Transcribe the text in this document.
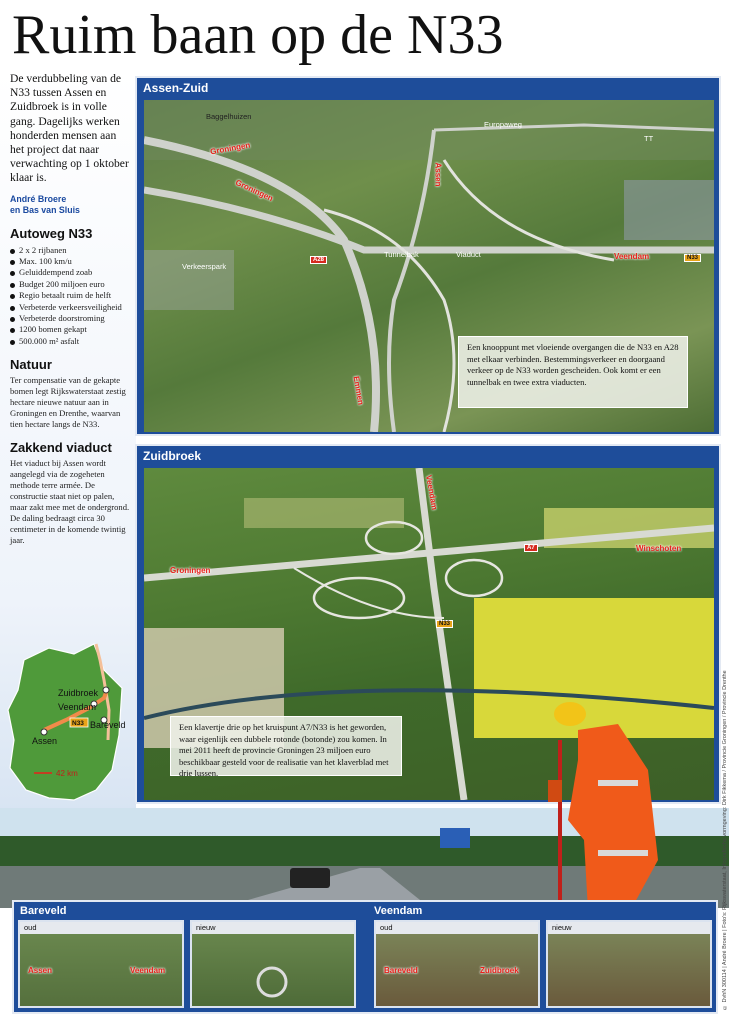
Ruim baan op de N33

De verdubbeling van de N33 tussen Assen en Zuidbroek is in volle gang. Dagelijks werken honderden mensen aan het project dat naar verwachting op 1 oktober klaar is.

André Broere
en Bas van Sluis

Autoweg N33
2 x 2 rijbanen
Max. 100 km/u
Geluiddempend zoab
Budget 200 miljoen euro
Regio betaalt ruim de helft
Verbeterde verkeersveiligheid
Verbeterde doorstroming
1200 bomen gekapt
500.000 m² asfalt
Natuur

Ter compensatie van de gekapte bomen legt Rijkswaterstaat zestig hectare nieuwe natuur aan in Groningen en Drenthe, waarvan tien hectare langs de N33.

Zakkend viaduct

Het viaduct bij Assen wordt aangelegd via de zogeheten methode terre armée. De constructie staat niet op palen, maar zakt mee met de ondergrond. De daling bedraagt circa 30 centimeter in de komende twintig jaar.

Zuidbroek
Veendam
Bareveld
Assen
N33
42 km
Assen-Zuid
Baggelhuizen
Europaweg
TT
Groningen
Groningen
Assen
Verkeerspark
Tunnelbak	Viaduct	Veendam
Emmen
A28	N33
Een knooppunt met vloeiende overgangen die de N33 en A28 met elkaar verbinden. Bestemmingsverkeer en doorgaand verkeer op de N33 worden gescheiden. Ook komt er een tunnelbak en twee extra viaducten.
Zuidbroek
Veendam
Groningen
Winschoten
A7
N33
Een klavertje drie op het kruispunt A7/N33 is het geworden, waar eigenlijk een dubbele rotonde (botonde) zou komen. In mei 2011 heeft de provincie Groningen 23 miljoen euro beschikbaar gesteld voor de realisatie van het klaverblad met drie lussen.
Bareveld	Veendam
oud
Assen	Veendam
nieuw	oud
Bareveld	Zuidbroek
nieuw	© DvhN 300114 | André Broere | Foto's: Rijkswaterstaat, Infografische vormgeving: Dirk Fikkema / Provincie Groningen / Provincie Drenthe
